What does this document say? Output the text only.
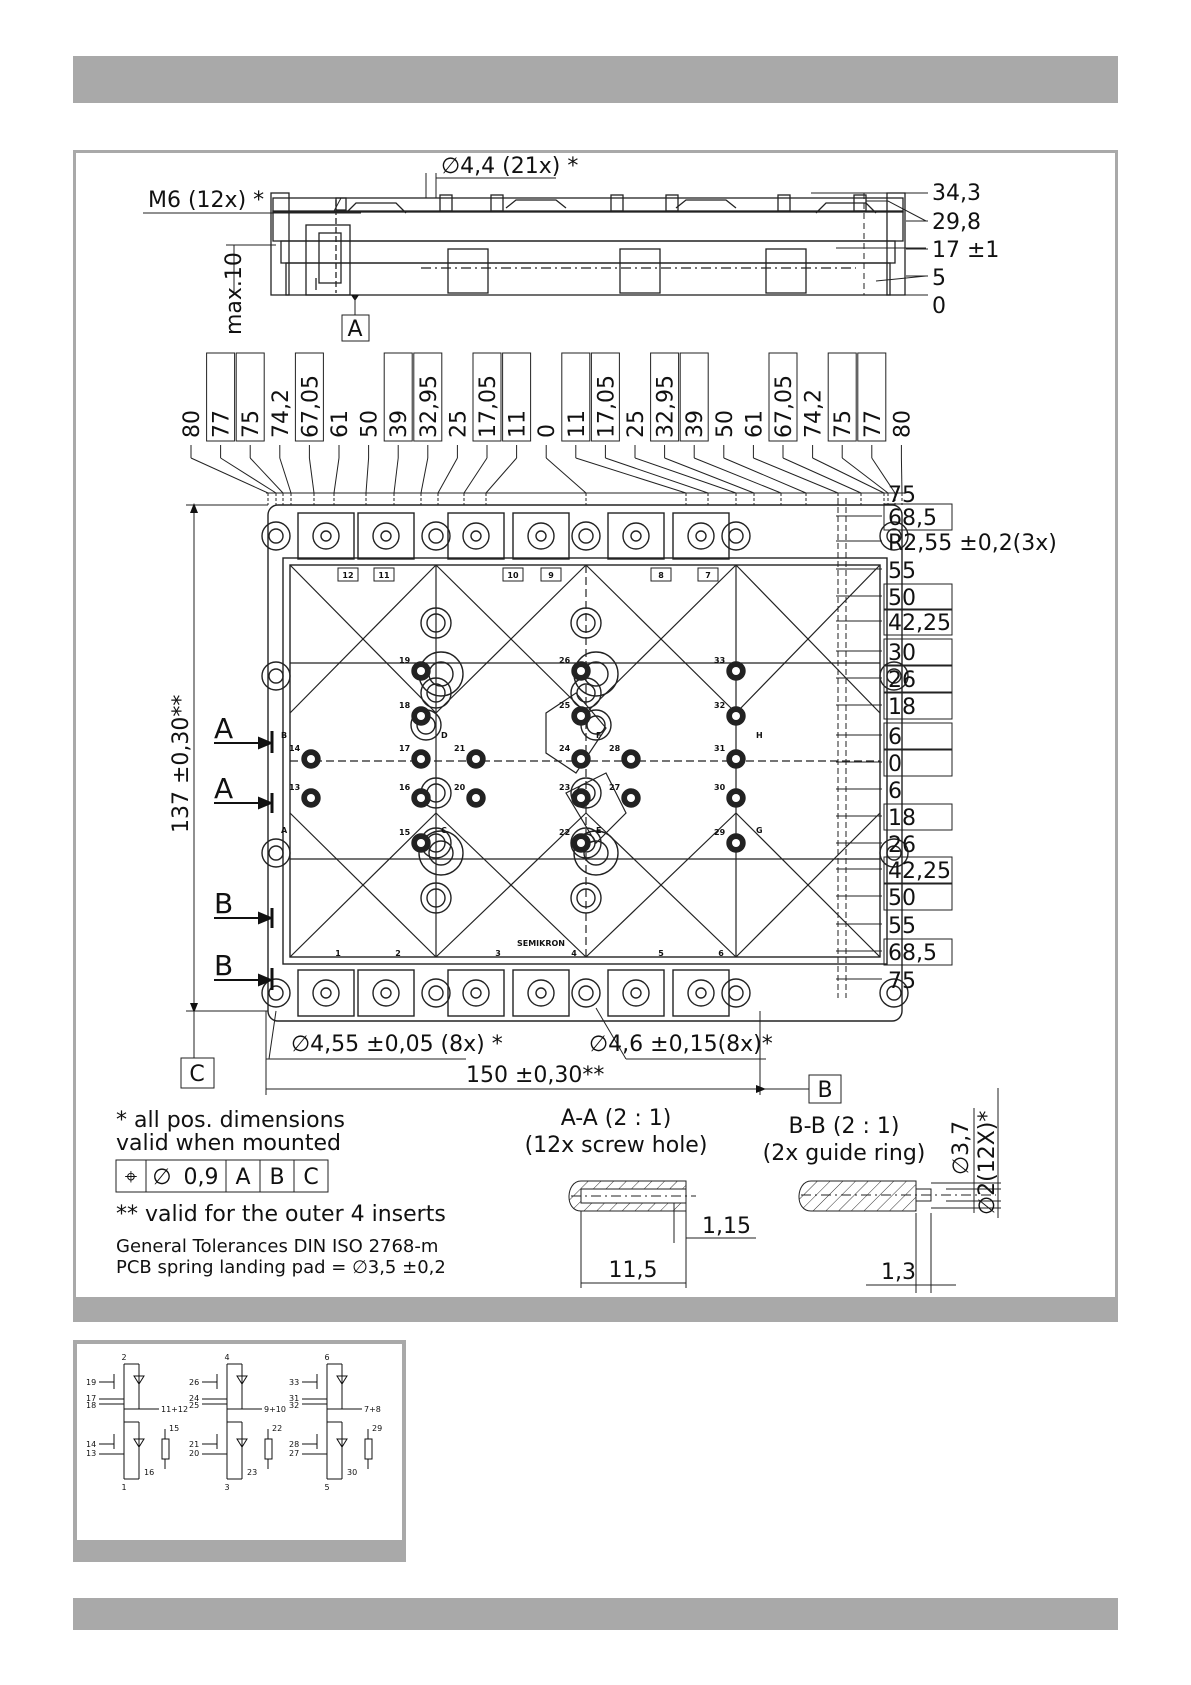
A
M6 (12x) *
∅4,4 (21x) *
max.10
34,3
29,8
17 ±1
5
0
80 77 75 74,2 67,05 61 50 39 32,95 25 17,05 11 0 11 17,05 25 32,95 39 50 61 67,05 74,2 75 77 80
19	26	33
18	25	32
14	17	21	24	28	31
13	16	20	23	27	30
15	22	29
B	D	F	H
A	C	E	G
12	11	10	9	8	7
1	2	3	4	5	6
SEMIKRON
75
68,5
R2,55 ±0,2(3x)
55
50
42,25
30
26
18
6
0
6
18
26
42,25
50
55
68,5
75
137 ±0,30**
C
A
A
B
B
B
∅4,55 ±0,05 (8x) *	∅4,6 ±0,15(8x)*
150 ±0,30**
* all pos. dimensions
valid when mounted
⌖ ∅ 0,9 A B C
** valid for the outer 4 inserts
General Tolerances DIN ISO 2768-m
PCB spring landing pad = ∅3,5 ±0,2
A-A (2 : 1)
(12x screw hole)
1,15
11,5
B-B (2 : 1)
(2x guide ring) ∅3,7 ∅2(12X)*
1,3
2
19
17
18	11+12
14
13
15
16
1
4
26
24
25	9+10
21
20
22
23
3
6
33
31
32	7+8
28
27
29
30
5
